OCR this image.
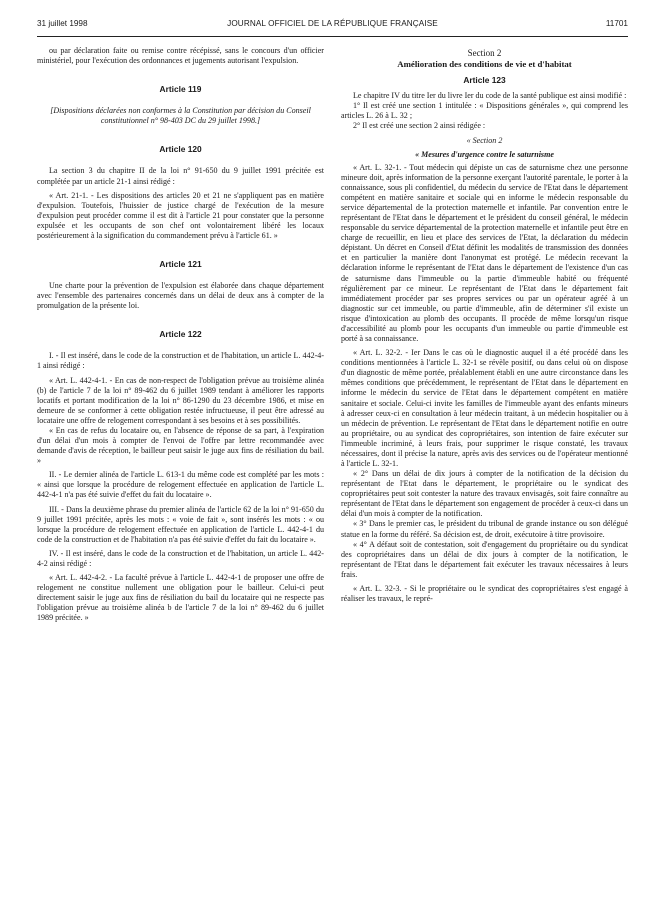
31 juillet 1998	JOURNAL OFFICIEL DE LA RÉPUBLIQUE FRANÇAISE	11701

ou par déclaration faite ou remise contre récépissé, sans le concours d'un officier ministériel, pour l'exécution des ordonnances et jugements autorisant l'expulsion.

Article 119

[Dispositions déclarées non conformes à la Constitution par décision du Conseil constitutionnel n° 98-403 DC du 29 juillet 1998.]

Article 120

La section 3 du chapitre II de la loi n° 91-650 du 9 juillet 1991 précitée est complétée par un article 21-1 ainsi rédigé :

« Art. 21-1. - Les dispositions des articles 20 et 21 ne s'appliquent pas en matière d'expulsion. Toutefois, l'huissier de justice chargé de l'exécution de la mesure d'expulsion peut procéder comme il est dit à l'article 21 pour constater que la personne expulsée et les occupants de son chef ont volontairement libéré les locaux postérieurement à la signification du commandement prévu à l'article 61. »

Article 121

Une charte pour la prévention de l'expulsion est élaborée dans chaque département avec l'ensemble des partenaires concernés dans un délai de deux ans à compter de la promulgation de la présente loi.

Article 122

I. - Il est inséré, dans le code de la construction et de l'habitation, un article L. 442-4-1 ainsi rédigé :

« Art. L. 442-4-1. - En cas de non-respect de l'obligation prévue au troisième alinéa (b) de l'article 7 de la loi n° 89-462 du 6 juillet 1989 tendant à améliorer les rapports locatifs et portant modification de la loi n° 86-1290 du 23 décembre 1986, et mise en demeure de se conformer à cette obligation restée infructueuse, il peut être adressé au locataire une offre de relogement correspondant à ses besoins et à ses possibilités.

« En cas de refus du locataire ou, en l'absence de réponse de sa part, à l'expiration d'un délai d'un mois à compter de l'envoi de l'offre par lettre recommandée avec demande d'avis de réception, le bailleur peut saisir le juge aux fins de résiliation du bail. »

II. - Le dernier alinéa de l'article L. 613-1 du même code est complété par les mots : « ainsi que lorsque la procédure de relogement effectuée en application de l'article L. 442-4-1 n'a pas été suivie d'effet du fait du locataire ».

III. - Dans la deuxième phrase du premier alinéa de l'article 62 de la loi n° 91-650 du 9 juillet 1991 précitée, après les mots : « voie de fait », sont insérés les mots : « ou lorsque la procédure de relogement effectuée en application de l'article L. 442-4-1 du code de la construction et de l'habitation n'a pas été suivie d'effet du fait du locataire ».

IV. - Il est inséré, dans le code de la construction et de l'habitation, un article L. 442-4-2 ainsi rédigé :

« Art. L. 442-4-2. - La faculté prévue à l'article L. 442-4-1 de proposer une offre de relogement ne constitue nullement une obligation pour le bailleur. Celui-ci peut directement saisir le juge aux fins de résiliation du bail du locataire qui ne respecte pas l'obligation prévue au troisième alinéa b de l'article 7 de la loi n° 89-462 du 6 juillet 1989 précitée. »

Section 2
Amélioration des conditions de vie et d'habitat
Article 123

Le chapitre IV du titre Ier du livre Ier du code de la santé publique est ainsi modifié :

1° Il est créé une section 1 intitulée : « Dispositions générales », qui comprend les articles L. 26 à L. 32 ;

2° Il est créé une section 2 ainsi rédigée :

« Section 2
« Mesures d'urgence contre le saturnisme

« Art. L. 32-1. - Tout médecin qui dépiste un cas de saturnisme chez une personne mineure doit, après information de la personne exerçant l'autorité parentale, le porter à la connaissance, sous pli confidentiel, du médecin du service de l'Etat dans le département compétent en matière sanitaire et sociale qui en informe le médecin responsable du service départemental de la protection maternelle et infantile. Par convention entre le représentant de l'Etat dans le département et le président du conseil général, le médecin responsable du service départemental de la protection maternelle et infantile peut être en charge de recueillir, en lieu et place des services de l'Etat, la déclaration du médecin dépistant. Un décret en Conseil d'Etat définit les modalités de transmission des données et en particulier la manière dont l'anonymat est protégé. Le médecin recevant la déclaration informe le représentant de l'Etat dans le département de l'existence d'un cas de saturnisme dans l'immeuble ou la partie d'immeuble habité ou fréquenté régulièrement par ce mineur. Le représentant de l'Etat dans le département fait immédiatement procéder par ses propres services ou par un opérateur agréé à un diagnostic sur cet immeuble, ou partie d'immeuble, afin de déterminer s'il existe un risque d'intoxication au plomb des occupants. Il procède de même lorsqu'un risque d'accessibilité au plomb pour les occupants d'un immeuble ou partie d'immeuble est porté à sa connaissance.

« Art. L. 32-2. - Ier Dans le cas où le diagnostic auquel il a été procédé dans les conditions mentionnées à l'article L. 32-1 se révèle positif, ou dans celui où on dispose d'un diagnostic de même portée, préalablement établi en une autre circonstance dans les mêmes conditions que précédemment, le représentant de l'Etat dans le département en informe le médecin du service de l'Etat dans le département compétent en matière sanitaire et sociale. Celui-ci invite les familles de l'immeuble ayant des enfants mineurs à adresser ceux-ci en consultation à leur médecin traitant, à un médecin hospitalier ou à un médecin de prévention. Le représentant de l'Etat dans le département notifie en outre au propriétaire, ou au syndicat des copropriétaires, son intention de faire exécuter sur l'immeuble incriminé, à leurs frais, pour supprimer le risque constaté, les travaux nécessaires, dont il précise la nature, après avis des services ou de l'opérateur mentionné à l'article L. 32-1.

« 2° Dans un délai de dix jours à compter de la notification de la décision du représentant de l'Etat dans le département, le propriétaire ou le syndicat des copropriétaires peut soit contester la nature des travaux envisagés, soit faire connaître au représentant de l'Etat dans le département son engagement de procéder à ceux-ci dans un délai d'un mois à compter de la notification.

« 3° Dans le premier cas, le président du tribunal de grande instance ou son délégué statue en la forme du référé. Sa décision est, de droit, exécutoire à titre provisoire.

« 4° A défaut soit de contestation, soit d'engagement du propriétaire ou du syndicat des copropriétaires dans un délai de dix jours à compter de la notification, le représentant de l'Etat dans le département fait exécuter les travaux nécessaires à leurs frais.

« Art. L. 32-3. - Si le propriétaire ou le syndicat des copropriétaires s'est engagé à réaliser les travaux, le repré-
